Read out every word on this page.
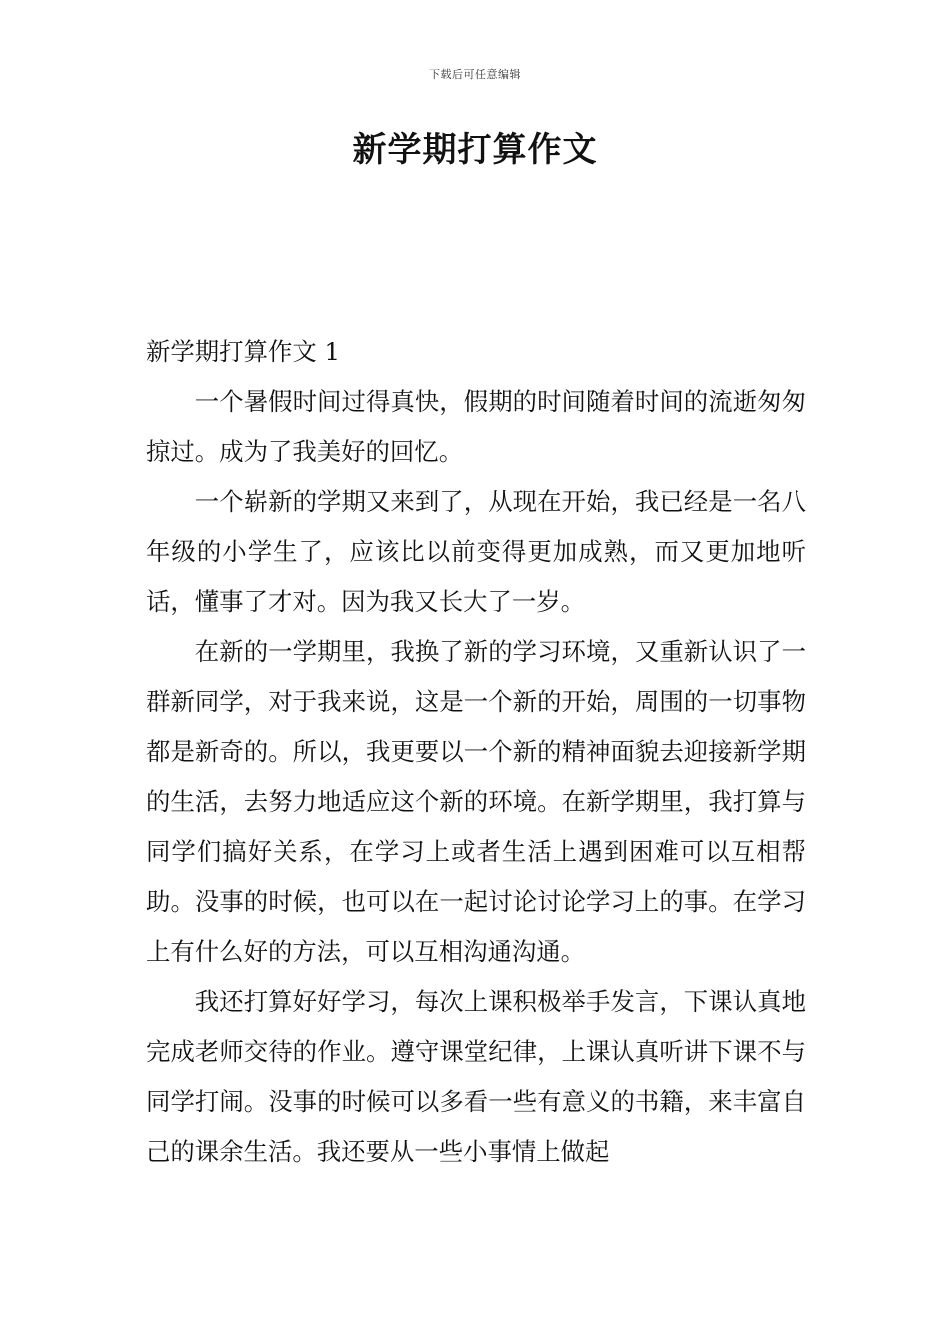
下载后可任意编辑
新学期打算作文

新学期打算作文 1

一个暑假时间过得真快，假期的时间随着时间的流逝匆匆掠过。成为了我美好的回忆。

一个崭新的学期又来到了，从现在开始，我已经是一名八年级的小学生了，应该比以前变得更加成熟，而又更加地听话，懂事了才对。因为我又长大了一岁。

在新的一学期里，我换了新的学习环境，又重新认识了一群新同学，对于我来说，这是一个新的开始，周围的一切事物都是新奇的。所以，我更要以一个新的精神面貌去迎接新学期的生活，去努力地适应这个新的环境。在新学期里，我打算与同学们搞好关系，在学习上或者生活上遇到困难可以互相帮助。没事的时候，也可以在一起讨论讨论学习上的事。在学习上有什么好的方法，可以互相沟通沟通。

我还打算好好学习，每次上课积极举手发言，下课认真地完成老师交待的作业。遵守课堂纪律，上课认真听讲下课不与同学打闹。没事的时候可以多看一些有意义的书籍，来丰富自己的课余生活。我还要从一些小事情上做起
